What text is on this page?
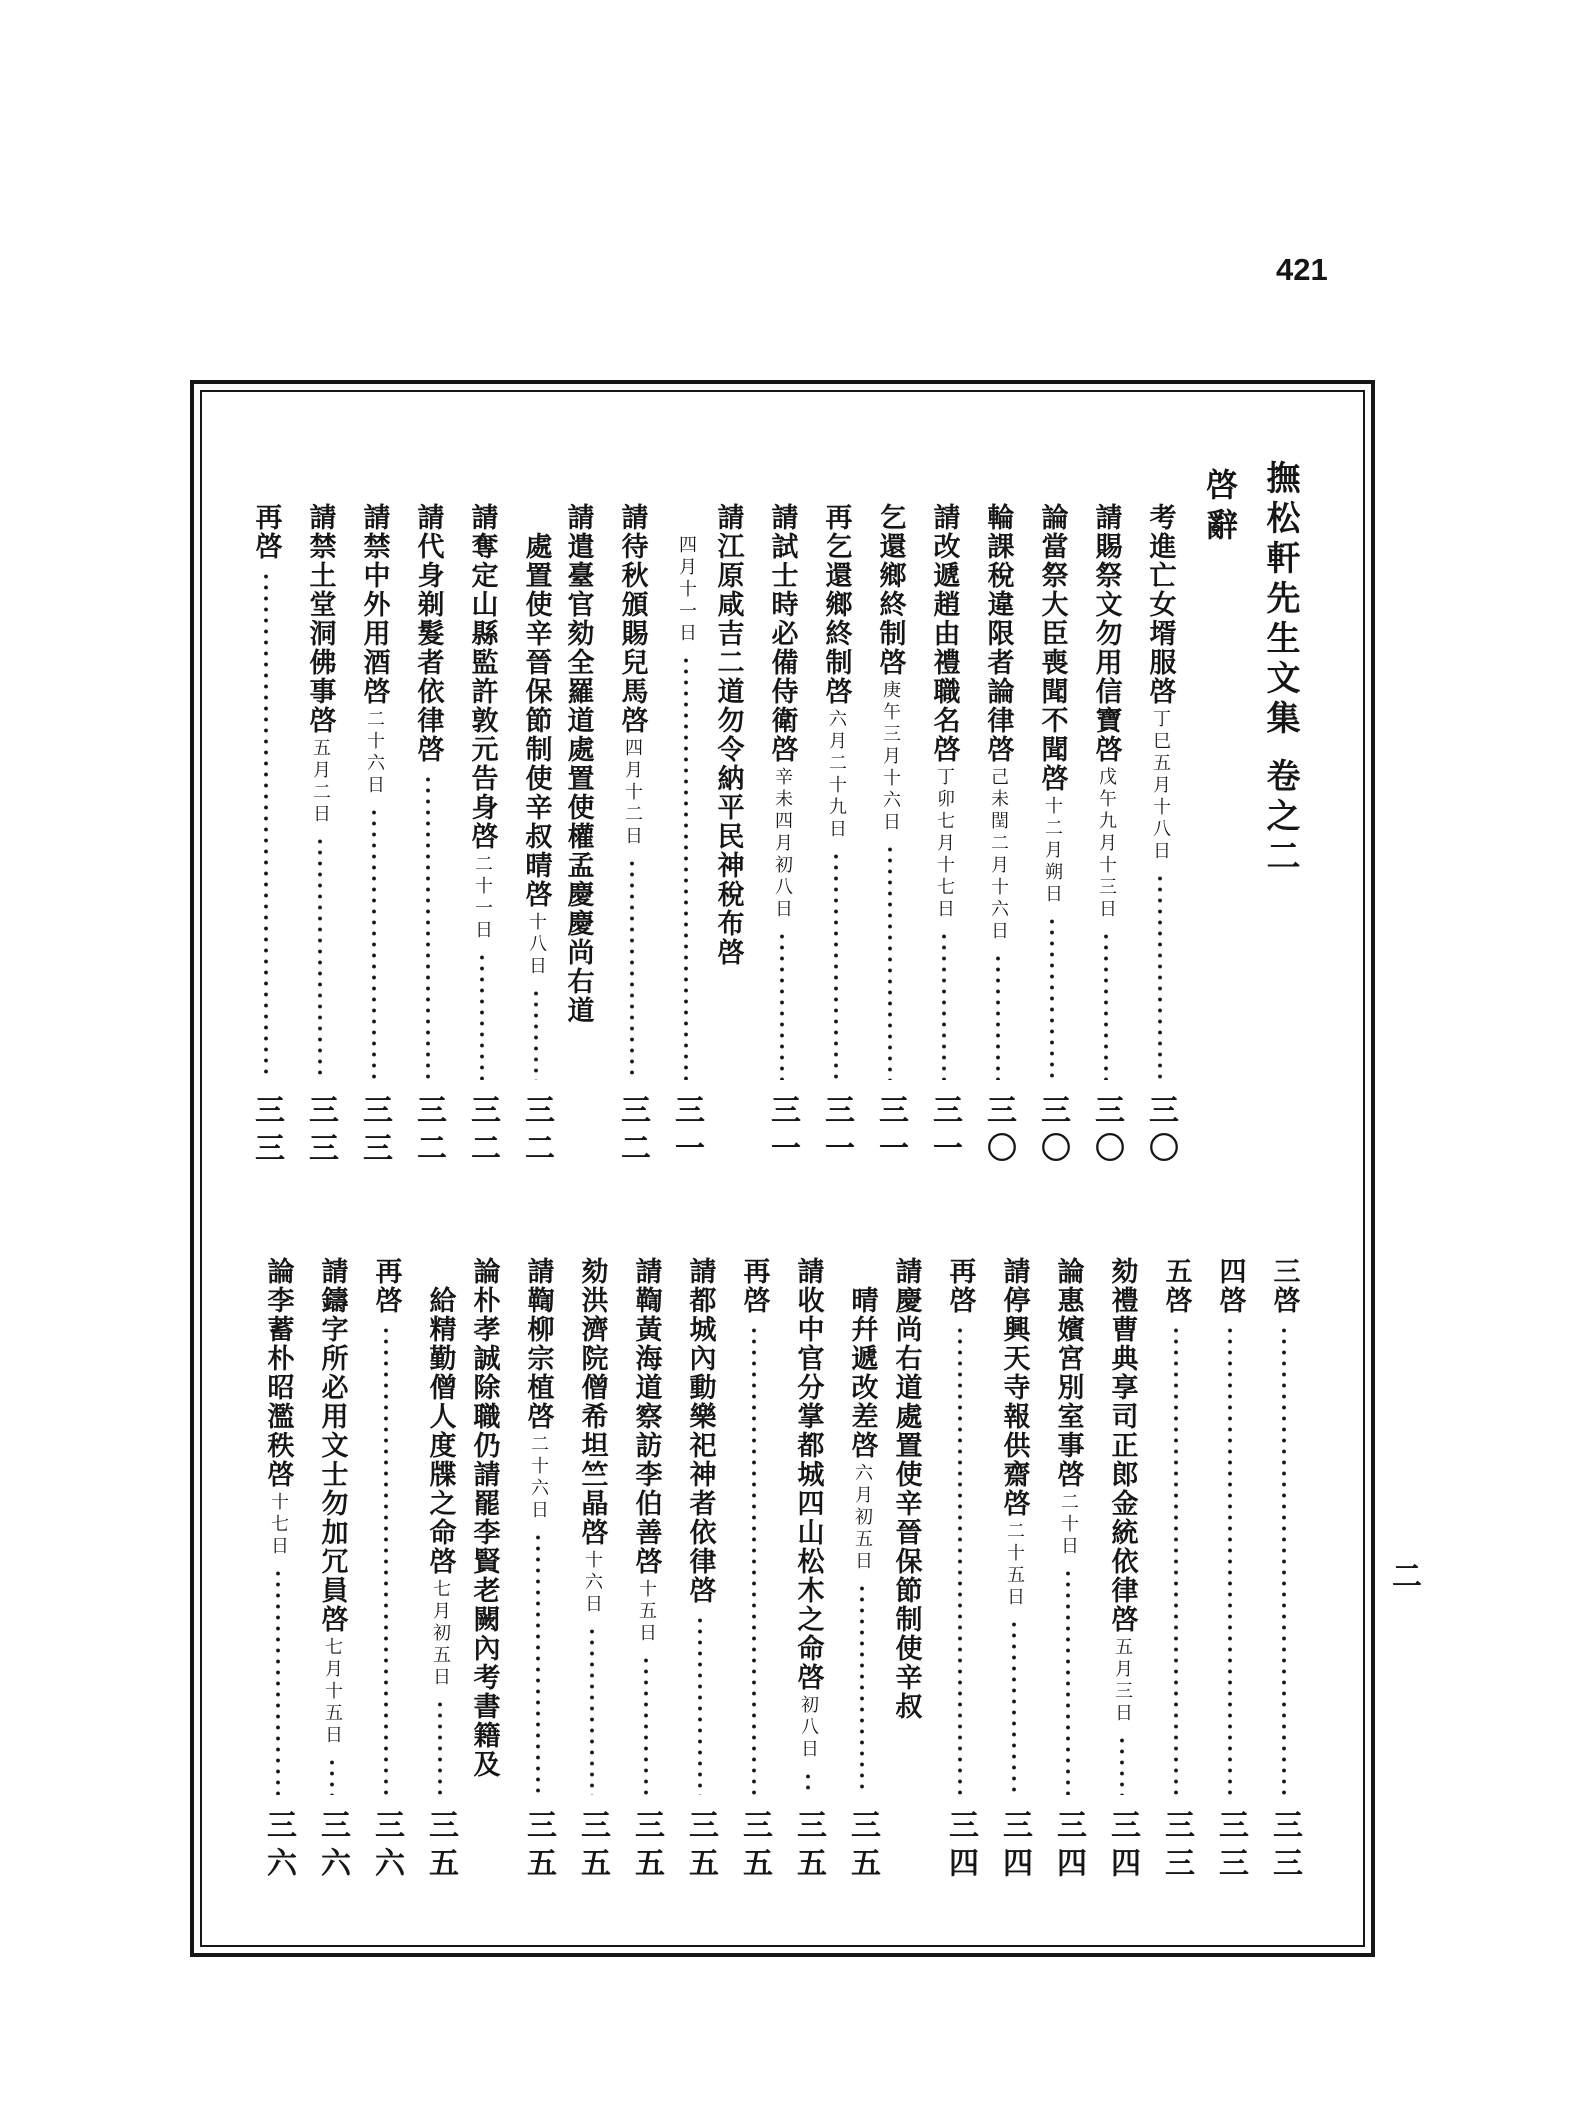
421
撫松軒先生文集 卷之二
啓辭
考進亡女壻服啓
丁巳五月十八日
三〇
請賜祭文勿用信寶啓
戊午九月十三日
三〇
論當祭大臣喪聞不聞啓
十二月朔日
三〇
輪課稅違限者論律啓
己未閏二月十六日
三〇
請改遞趙由禮職名啓
丁卯七月十七日
三一
乞還鄉終制啓
庚午三月十六日
三一
再乞還鄉終制啓
六月二十九日
三一
請試士時必備侍衛啓
辛未四月初八日
三一
請江原咸吉二道勿令納平民神稅布啓
四月十一日
三一
請待秋頒賜兒馬啓
四月十二日
三二
請遣臺官劾全羅道處置使權孟慶慶尚右道
處置使辛晉保節制使辛叔晴啓
十八日
三二
請奪定山縣監許敦元告身啓
二十一日
三二
請代身剃髮者依律啓
三二
請禁中外用酒啓
二十六日
三三
請禁土堂洞佛事啓
五月二日
三三
再啓
三三
三啓
三三
四啓
三三
五啓
三三
劾禮曹典享司正郎金統依律啓
五月三日
三四
論惠嬪宮別室事啓
二十日
三四
請停興天寺報供齋啓
二十五日
三四
再啓
三四
請慶尚右道處置使辛晉保節制使辛叔
晴幷遞改差啓
六月初五日
三五
請收中官分掌都城四山松木之命啓
初八日
三五
再啓
三五
請都城內動樂祀神者依律啓
三五
請鞫黃海道察訪李伯善啓
十五日
三五
劾洪濟院僧希坦竺晶啓
十六日
三五
請鞫柳宗植啓
二十六日
三五
論朴孝誠除職仍請罷李賢老闕內考書籍及
給精勤僧人度牒之命啓
七月初五日
三五
再啓
三六
請鑄字所必用文士勿加冗員啓
七月十五日
三六
論李蓄朴昭濫秩啓
十七日
三六
二
